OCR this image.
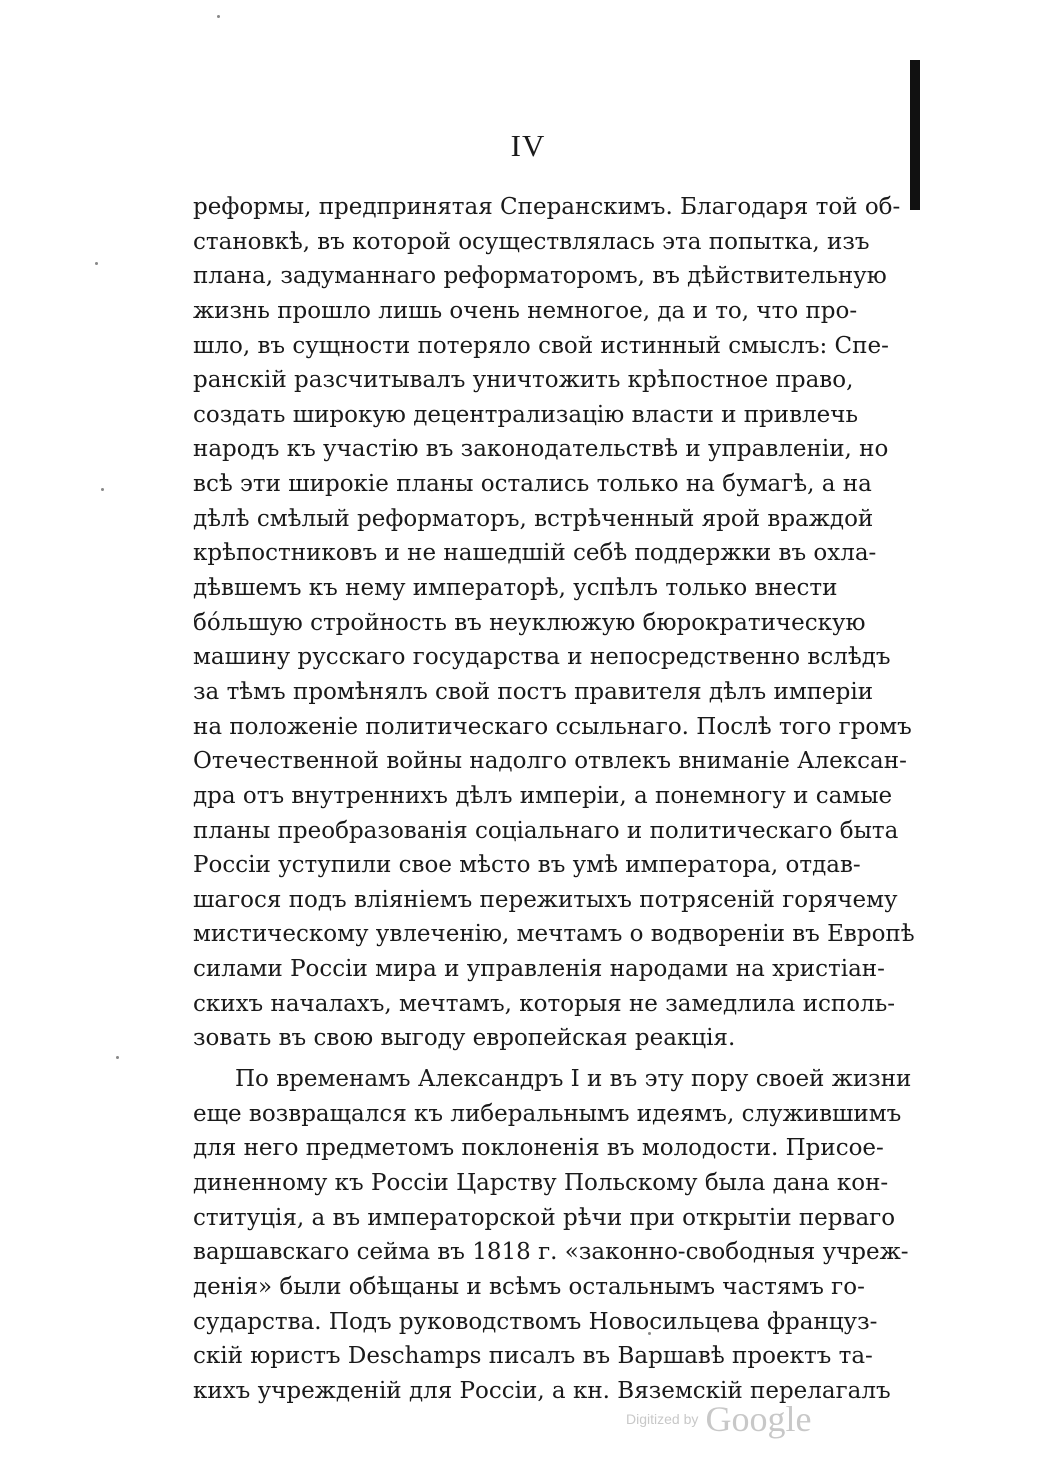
IV
реформы, предпринятая Сперанскимъ. Благодаря той об-
становкѣ, въ которой осуществлялась эта попытка, изъ
плана, задуманнаго реформаторомъ, въ дѣйствительную
жизнь прошло лишь очень немногое, да и то, что про-
шло, въ сущности потеряло свой истинный смыслъ: Спе-
ранскій разсчитывалъ уничтожить крѣпостное право,
создать широкую децентрализацію власти и привлечь
народъ къ участію въ законодательствѣ и управленіи, но
всѣ эти широкіе планы остались только на бумагѣ, а на
дѣлѣ смѣлый реформаторъ, встрѣченный ярой враждой
крѣпостниковъ и не нашедшій себѣ поддержки въ охла-
дѣвшемъ къ нему императорѣ, успѣлъ только внести
бóльшую стройность въ неуклюжую бюрократическую
машину русскаго государства и непосредственно вслѣдъ
за тѣмъ промѣнялъ свой постъ правителя дѣлъ имперіи
на положеніе политическаго ссыльнаго. Послѣ того громъ
Отечественной войны надолго отвлекъ вниманіе Алексан-
дра отъ внутреннихъ дѣлъ имперіи, а понемногу и самые
планы преобразованія соціальнаго и политическаго быта
Россіи уступили свое мѣсто въ умѣ императора, отдав-
шагося подъ вліяніемъ пережитыхъ потрясеній горячему
мистическому увлеченію, мечтамъ о водвореніи въ Европѣ
силами Россіи мира и управленія народами на христіан-
скихъ началахъ, мечтамъ, которыя не замедлила исполь-
зовать въ свою выгоду европейская реакція.
По временамъ Александръ I и въ эту пору своей жизни
еще возвращался къ либеральнымъ идеямъ, служившимъ
для него предметомъ поклоненія въ молодости. Присое-
диненному къ Россіи Царству Польскому была дана кон-
ституція, а въ императорской рѣчи при открытіи перваго
варшавскаго сейма въ 1818 г. «законно-свободныя учреж-
денія» были обѣщаны и всѣмъ остальнымъ частямъ го-
сударства. Подъ руководствомъ Новосильцева француз-
скій юристъ Deschamps писалъ въ Варшавѣ проектъ та-
кихъ учрежденій для Россіи, а кн. Вяземскій перелагалъ
Digitized by Google
